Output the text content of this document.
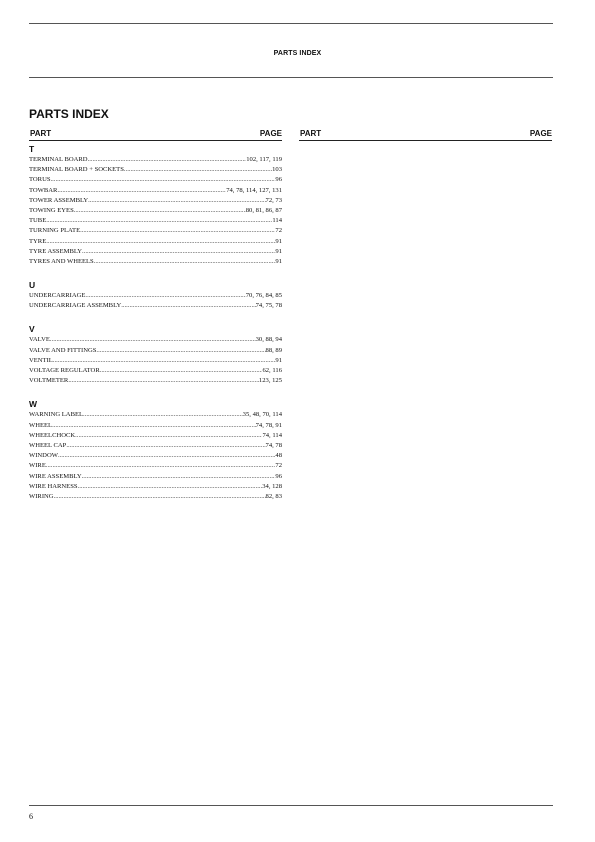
PARTS INDEX
PARTS INDEX
PART	PAGE PART	PAGE
T
TERMINAL BOARD .....	102, 117, 119
TERMINAL BOARD + SOCKETS .....	103
TORUS .....	96
TOWBAR .....	74, 78, 114, 127, 131
TOWER ASSEMBLY .....	72, 73
TOWING EYES .....	80, 81, 86, 87
TUBE .....	114
TURNING PLATE .....	72
TYRE .....	91
TYRE ASSEMBLY .....	91
TYRES AND WHEELS .....	91
U
UNDERCARRIAGE .....	70, 76, 84, 85
UNDERCARRIAGE ASSEMBLY .....	74, 75, 78
V
VALVE .....	30, 88, 94
VALVE AND FITTINGS .....	88, 89
VENTIL .....	91
VOLTAGE REGULATOR .....	62, 116
VOLTMETER .....	123, 125
W
WARNING LABEL .....	35, 48, 70, 114
WHEEL .....	74, 78, 91
WHEELCHOCK .....	74, 114
WHEEL CAP .....	74, 78
WINDOW .....	48
WIRE .....	72
WIRE ASSEMBLY .....	96
WIRE HARNESS .....	34, 128
WIRING .....	82, 83
6
